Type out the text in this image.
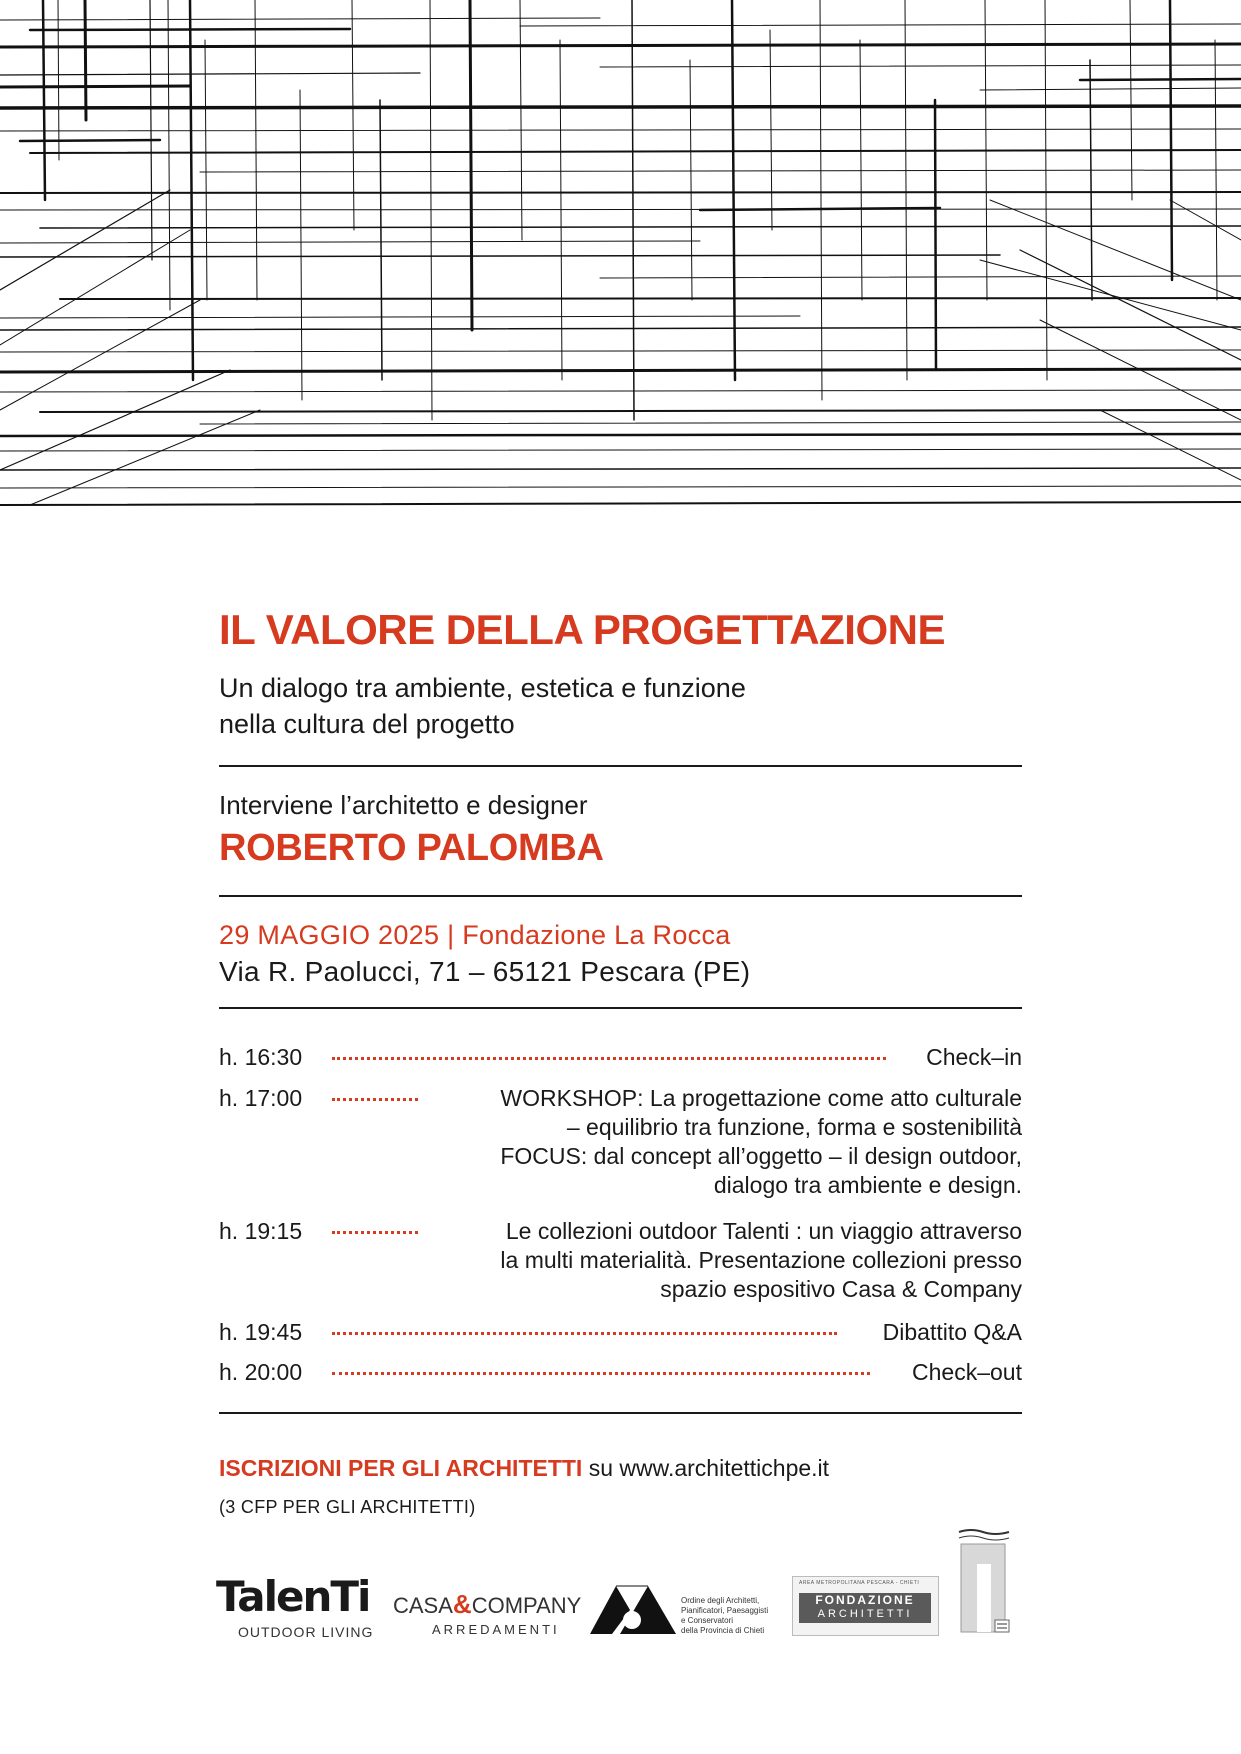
IL VALORE DELLA PROGETTAZIONE

Un dialogo tra ambiente, estetica e funzione
nella cultura del progetto

Interviene l’architetto e designer

ROBERTO PALOMBA

29 MAGGIO 2025 | Fondazione La Rocca

Via R. Paolucci, 71 – 65121 Pescara (PE)

h. 16:30	Check–in
h. 17:00	WORKSHOP: La progettazione come atto culturale
– equilibrio tra funzione, forma e sostenibilità
FOCUS: dal concept all’oggetto – il design outdoor,
dialogo tra ambiente e design.
h. 19:15	Le collezioni outdoor Talenti : un viaggio attraverso
la multi materialità. Presentazione collezioni presso
spazio espositivo Casa & Company
h. 19:45	Dibattito Q&A
h. 20:00	Check–out

ISCRIZIONI PER GLI ARCHITETTI su www.architettichpe.it

(3 CFP PER GLI ARCHITETTI)

TalenTi
OUTDOOR LIVING
CASA&COMPANY
ARREDAMENTI
Ordine degli Architetti,
Pianificatori, Paesaggisti
e Conservatori
della Provincia di Chieti
AREA METROPOLITANA PESCARA - CHIETI
FONDAZIONE
ARCHITETTI
